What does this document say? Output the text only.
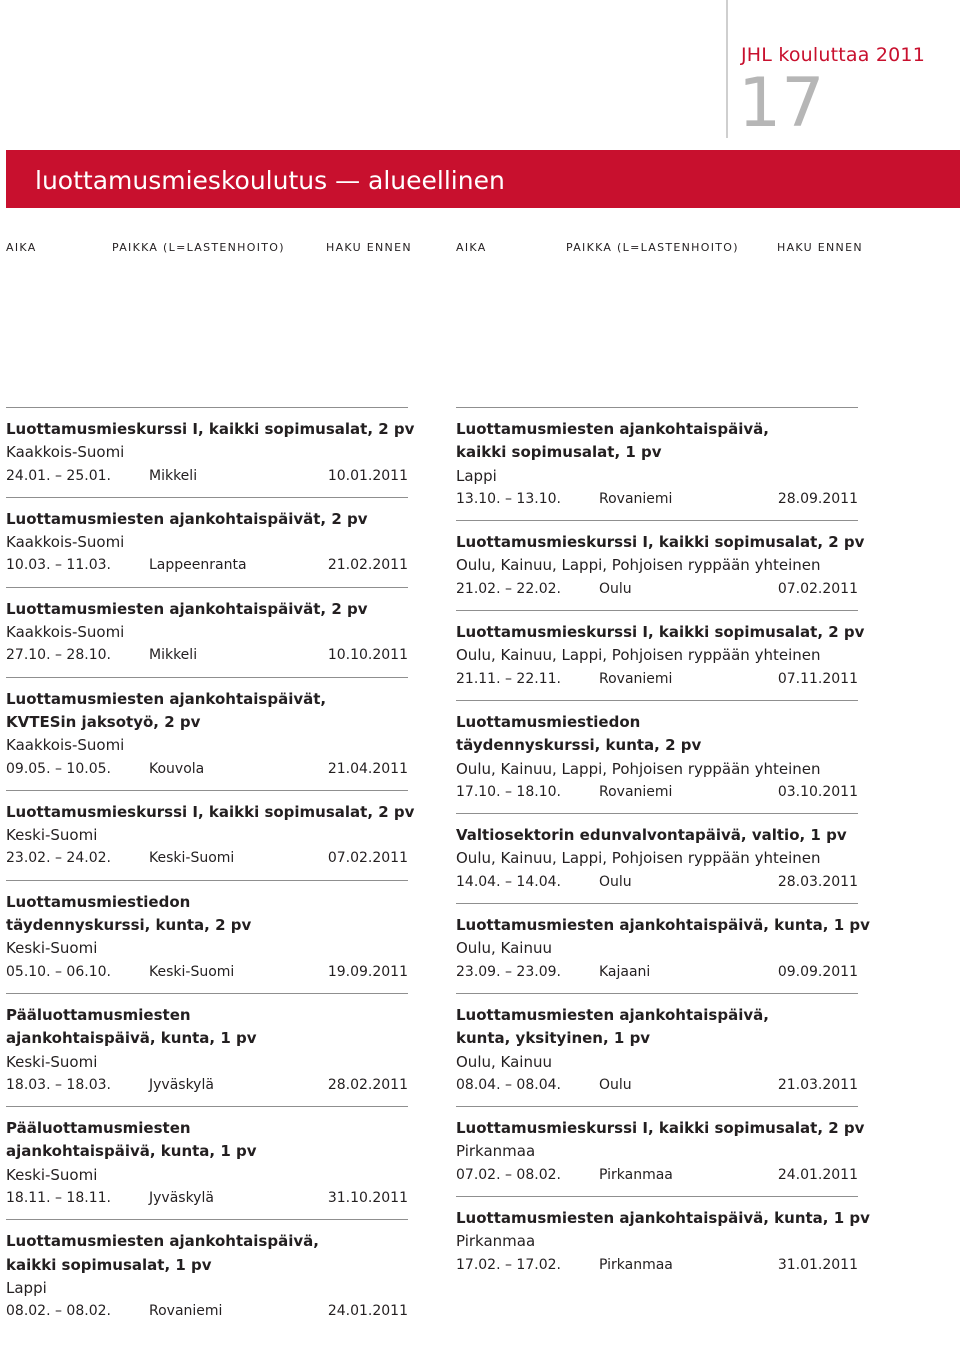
JHL kouluttaa 2011
17
luottamusmieskoulutus — alueellinen
AIKA	PAIKKA (L=LASTENHOITO)	HAKU ENNEN	AIKA	PAIKKA (L=LASTENHOITO)	HAKU ENNEN
Luottamusmieskurssi I, kaikki sopimusalat, 2 pv
Kaakkois-Suomi
24.01. – 25.01.	Mikkeli	10.01.2011
Luottamusmiesten ajankohtaispäivät, 2 pv
Kaakkois-Suomi
10.03. – 11.03.	Lappeenranta	21.02.2011
Luottamusmiesten ajankohtaispäivät, 2 pv
Kaakkois-Suomi
27.10. – 28.10.	Mikkeli	10.10.2011
Luottamusmiesten ajankohtaispäivät,
KVTESin jaksotyö, 2 pv
Kaakkois-Suomi
09.05. – 10.05.	Kouvola	21.04.2011
Luottamusmieskurssi I, kaikki sopimusalat, 2 pv
Keski-Suomi
23.02. – 24.02.	Keski-Suomi	07.02.2011
Luottamusmiestiedon
täydennyskurssi, kunta, 2 pv
Keski-Suomi
05.10. – 06.10.	Keski-Suomi	19.09.2011
Pääluottamusmiesten
ajankohtaispäivä, kunta, 1 pv
Keski-Suomi
18.03. – 18.03.	Jyväskylä	28.02.2011
Pääluottamusmiesten
ajankohtaispäivä, kunta, 1 pv
Keski-Suomi
18.11. – 18.11.	Jyväskylä	31.10.2011
Luottamusmiesten ajankohtaispäivä,
kaikki sopimusalat, 1 pv
Lappi
08.02. – 08.02.	Rovaniemi	24.01.2011
Luottamusmiesten ajankohtaispäivä,
kaikki sopimusalat, 1 pv
Lappi
13.10. – 13.10.	Rovaniemi	28.09.2011
Luottamusmieskurssi I, kaikki sopimusalat, 2 pv
Oulu, Kainuu, Lappi, Pohjoisen ryppään yhteinen
21.02. – 22.02.	Oulu	07.02.2011
Luottamusmieskurssi I, kaikki sopimusalat, 2 pv
Oulu, Kainuu, Lappi, Pohjoisen ryppään yhteinen
21.11. – 22.11.	Rovaniemi	07.11.2011
Luottamusmiestiedon
täydennyskurssi, kunta, 2 pv
Oulu, Kainuu, Lappi, Pohjoisen ryppään yhteinen
17.10. – 18.10.	Rovaniemi	03.10.2011
Valtiosektorin edunvalvontapäivä, valtio, 1 pv
Oulu, Kainuu, Lappi, Pohjoisen ryppään yhteinen
14.04. – 14.04.	Oulu	28.03.2011
Luottamusmiesten ajankohtaispäivä, kunta, 1 pv
Oulu, Kainuu
23.09. – 23.09.	Kajaani	09.09.2011
Luottamusmiesten ajankohtaispäivä,
kunta, yksityinen, 1 pv
Oulu, Kainuu
08.04. – 08.04.	Oulu	21.03.2011
Luottamusmieskurssi I, kaikki sopimusalat, 2 pv
Pirkanmaa
07.02. – 08.02.	Pirkanmaa	24.01.2011
Luottamusmiesten ajankohtaispäivä, kunta, 1 pv
Pirkanmaa
17.02. – 17.02.	Pirkanmaa	31.01.2011
